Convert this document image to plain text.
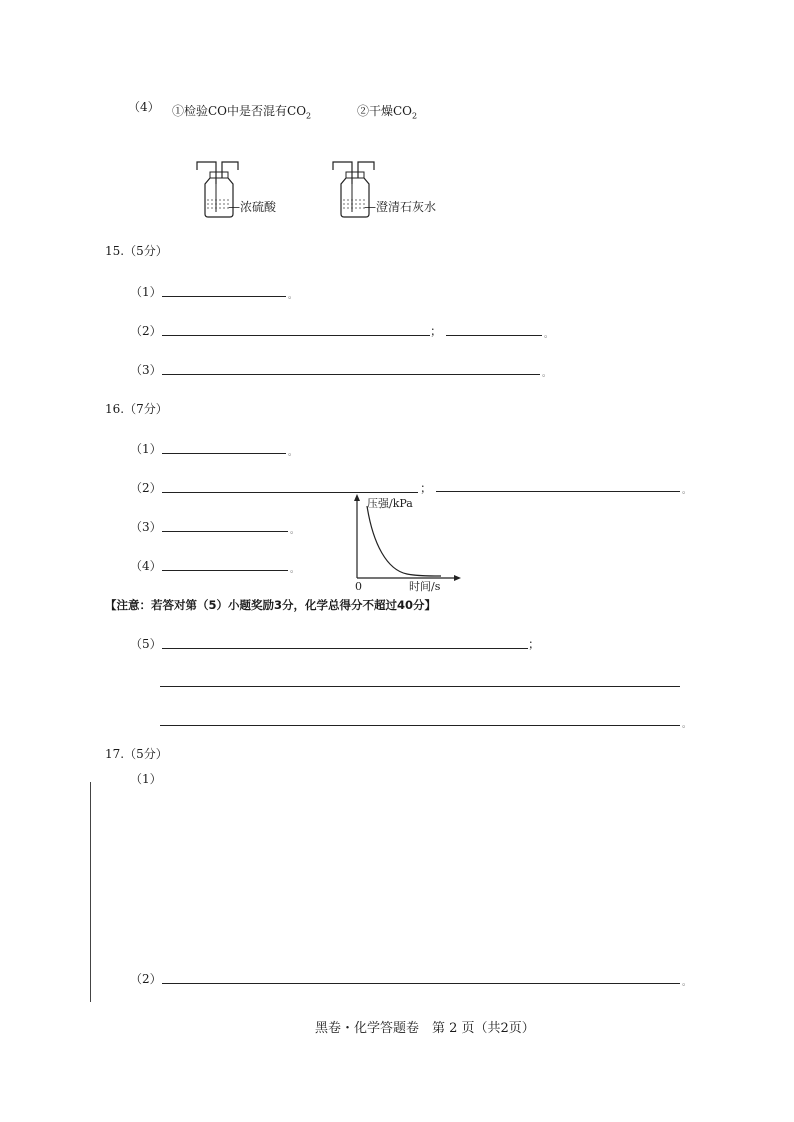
（4） ①检验CO中是否混有$CO_2$	②干燥$CO_2$
—浓硫酸	—澄清石灰水
15.（5分）
（1）	。
（2）	；	。
（3）	。
16.（7分）
（1）	。
（2）	；	。
（3）	。
（4）	。
压强/kPa
0	时间/s
【注意：若答对第（5）小题奖励3分，化学总得分不超过40分】
（5）	；
。
17.（5分）
（1）
（2）	。
黑卷・化学答题卷　第 2 页（共2页）
